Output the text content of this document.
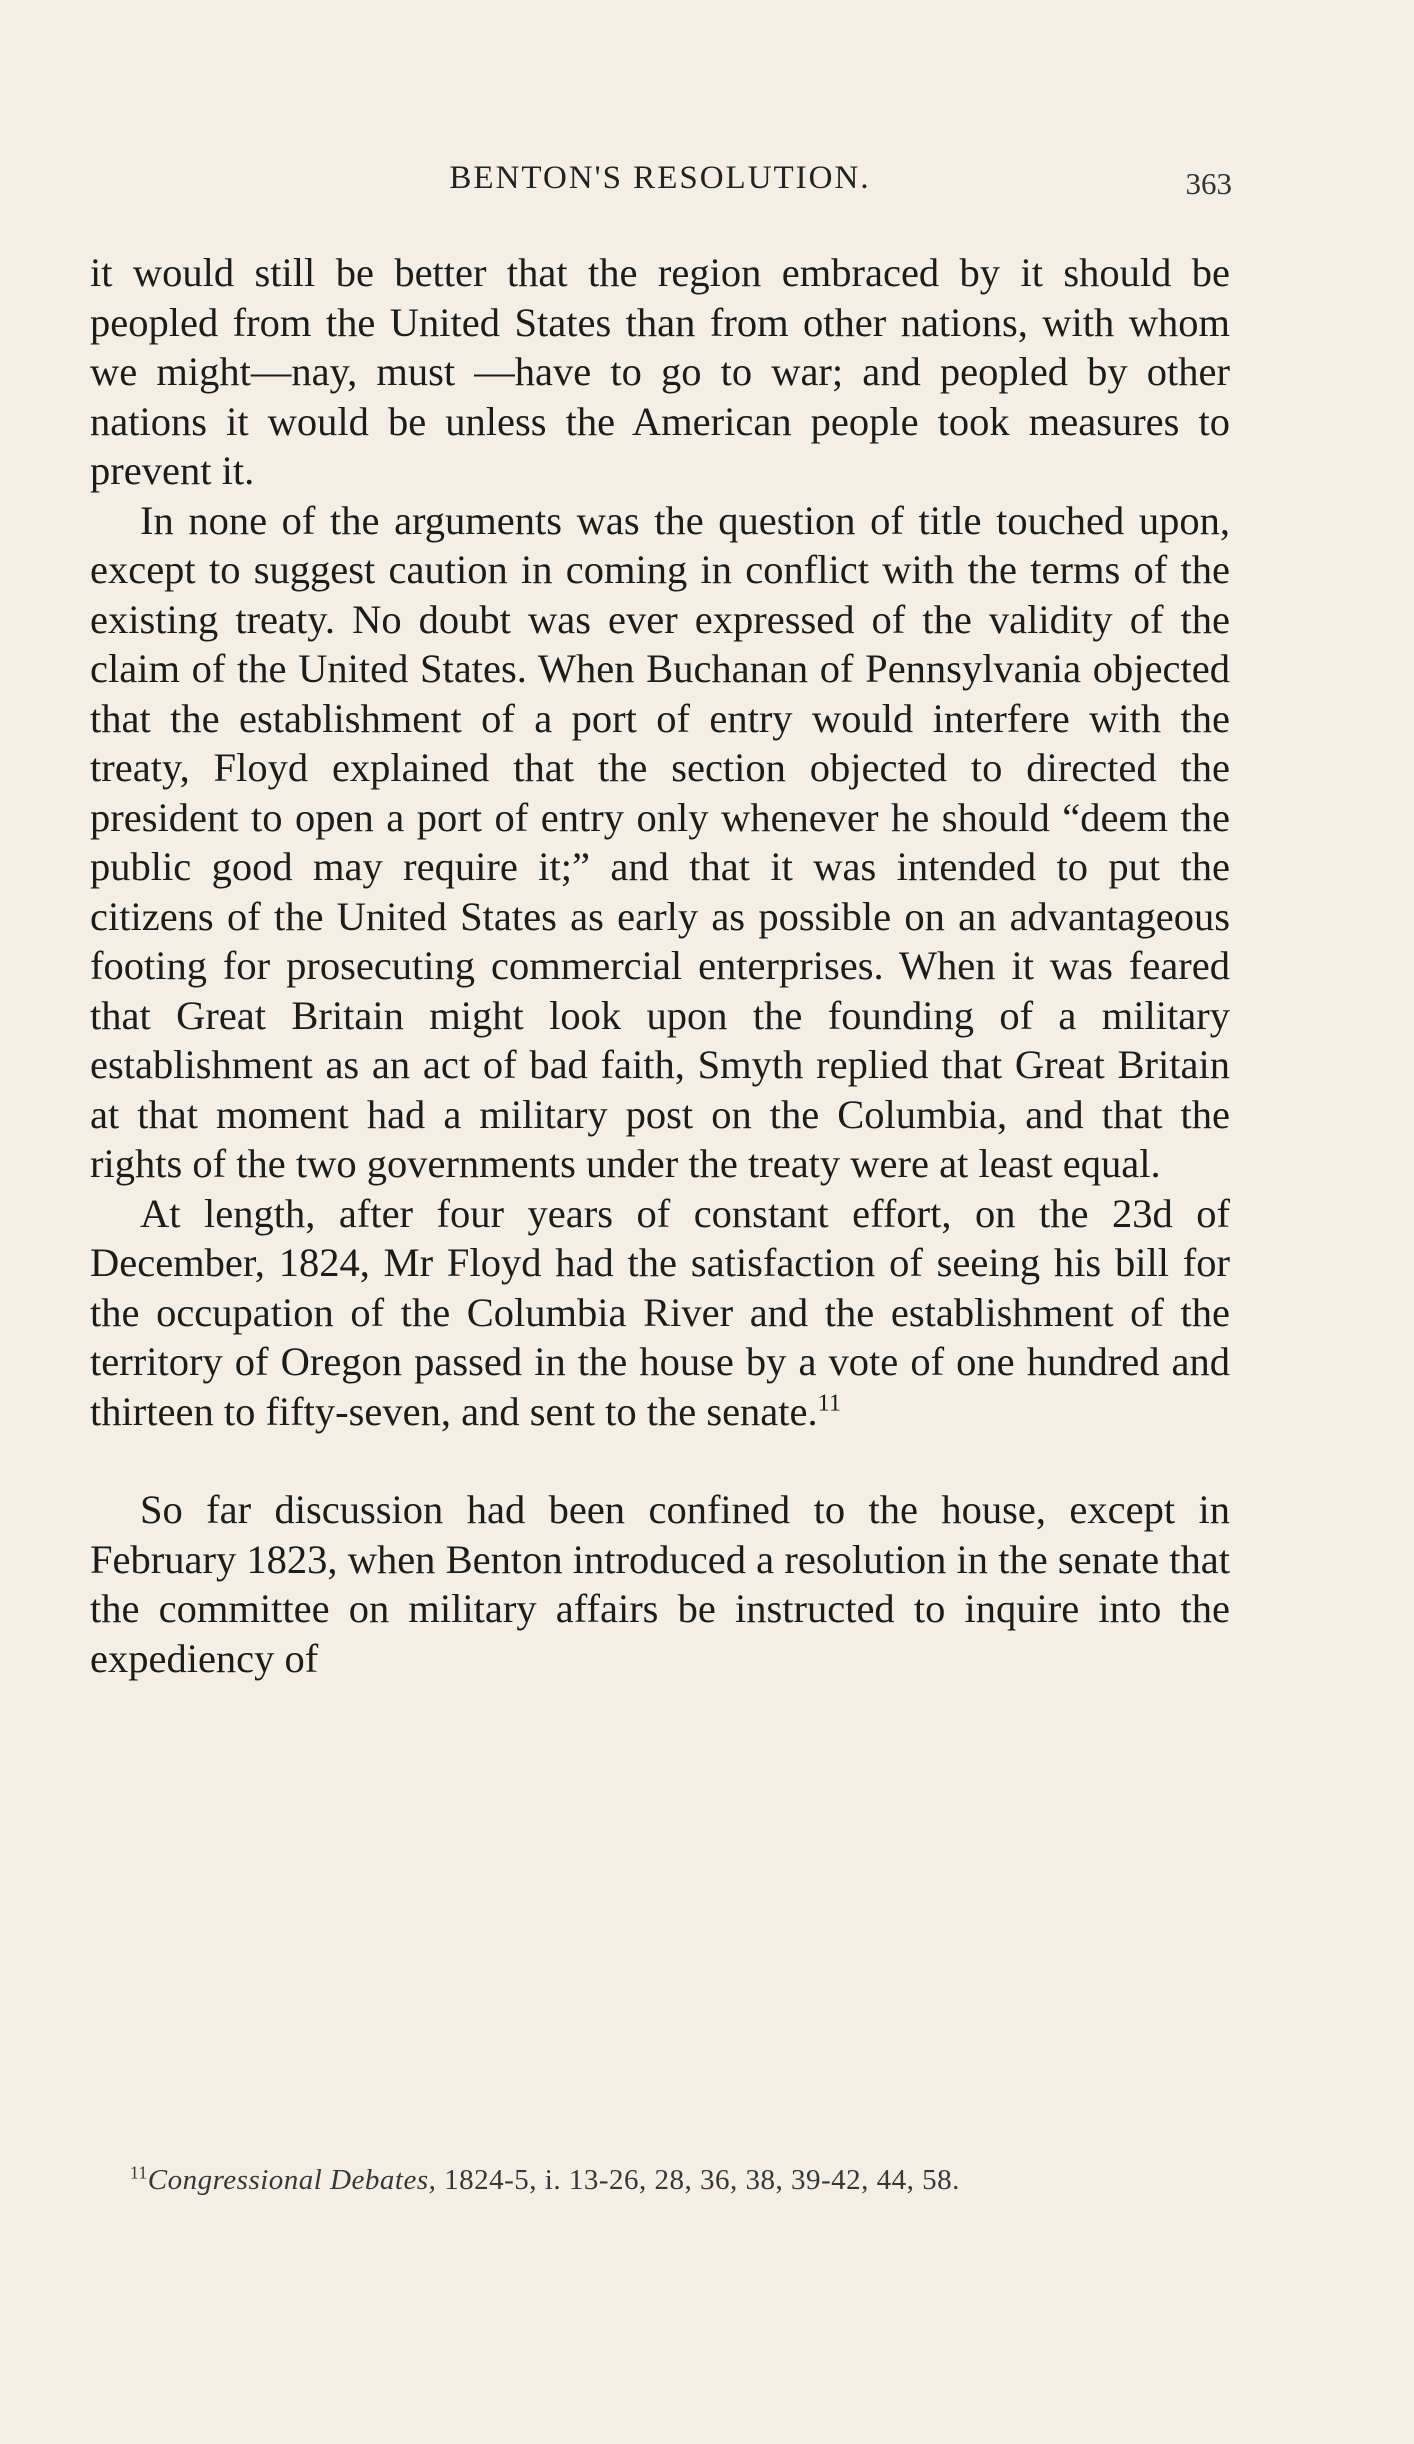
BENTON'S RESOLUTION.	363

it would still be better that the region embraced by it should be peopled from the United States than from other nations, with whom we might—nay, must —have to go to war; and peopled by other nations it would be unless the American people took measures to prevent it.

In none of the arguments was the question of title touched upon, except to suggest caution in coming in conflict with the terms of the existing treaty. No doubt was ever expressed of the validity of the claim of the United States. When Buchanan of Pennsylvania objected that the establishment of a port of entry would interfere with the treaty, Floyd explained that the section objected to directed the president to open a port of entry only whenever he should “deem the public good may require it;” and that it was intended to put the citizens of the United States as early as possible on an advantageous footing for prosecuting commercial enterprises. When it was feared that Great Britain might look upon the founding of a military establishment as an act of bad faith, Smyth replied that Great Britain at that moment had a military post on the Columbia, and that the rights of the two governments under the treaty were at least equal.

At length, after four years of constant effort, on the 23d of December, 1824, Mr Floyd had the satisfaction of seeing his bill for the occupation of the Columbia River and the establishment of the territory of Oregon passed in the house by a vote of one hundred and thirteen to fifty-seven, and sent to the senate.$^{11}$

So far discussion had been confined to the house, except in February 1823, when Benton introduced a resolution in the senate that the committee on military affairs be instructed to inquire into the expediency of

$^{11}$Congressional Debates, 1824-5, i. 13-26, 28, 36, 38, 39-42, 44, 58.
